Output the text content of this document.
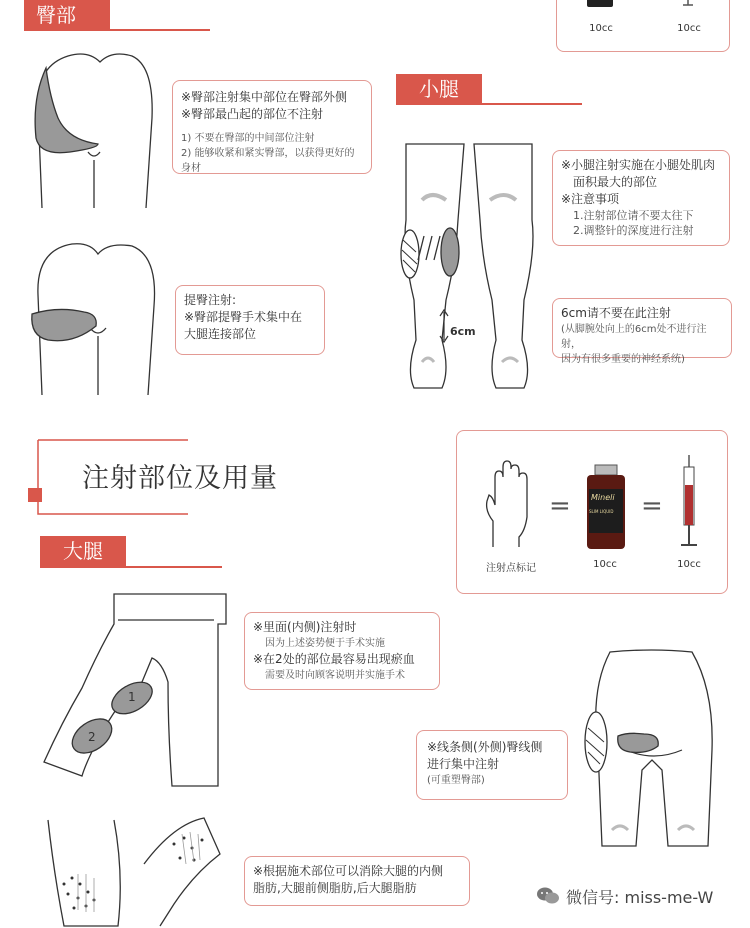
臀部
※臀部注射集中部位在臀部外侧
※臀部最凸起的部位不注射
1) 不要在臀部的中间部位注射
2) 能够收紧和紧实臀部，以获得更好的身材
提臀注射:
※臀部提臀手术集中在
大腿连接部位
10cc	10cc
小腿
6cm
※小腿注射实施在小腿处肌肉
面积最大的部位
※注意事项
1.注射部位请不要太往下
2.调整针的深度进行注射
6cm请不要在此注射
(从脚腕处向上的6cm处不进行注射，
因为有很多重要的神经系统)
注射部位及用量
=	Mineli
SLIM LIQUID =
注射点标记	10cc	10cc
大腿
1
2
※里面(内侧)注射时
因为上述姿势便于手术实施
※在2处的部位最容易出现瘀血
需要及时向顾客说明并实施手术
※线条侧(外侧)臀线侧
进行集中注射
(可重塑臀部)
※根据施术部位可以消除大腿的内侧
脂肪,大腿前侧脂肪,后大腿脂肪	微信号: miss-me-W
